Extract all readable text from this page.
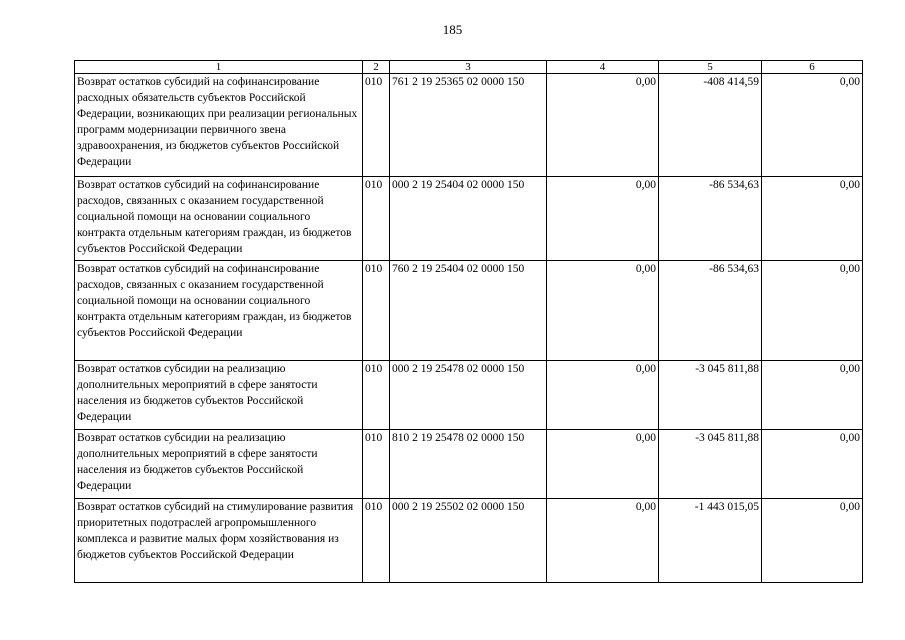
185
1	2	3	4	5	6
Возврат остатков субсидий на софинансирование расходных обязательств субъектов Российской Федерации, возникающих при реализации региональных программ модернизации первичного звена здравоохранения, из бюджетов субъектов Российской Федерации	010	761 2 19 25365 02 0000 150	0,00	-408 414,59	0,00
Возврат остатков субсидий на софинансирование расходов, связанных с оказанием государственной социальной помощи на основании социального контракта отдельным категориям граждан, из бюджетов субъектов Российской Федерации	010	000 2 19 25404 02 0000 150	0,00	-86 534,63	0,00
Возврат остатков субсидий на софинансирование расходов, связанных с оказанием государственной социальной помощи на основании социального контракта отдельным категориям граждан, из бюджетов субъектов Российской Федерации	010	760 2 19 25404 02 0000 150	0,00	-86 534,63	0,00
Возврат остатков субсидии на реализацию дополнительных мероприятий в сфере занятости населения из бюджетов субъектов Российской Федерации	010	000 2 19 25478 02 0000 150	0,00	-3 045 811,88	0,00
Возврат остатков субсидии на реализацию дополнительных мероприятий в сфере занятости населения из бюджетов субъектов Российской Федерации	010	810 2 19 25478 02 0000 150	0,00	-3 045 811,88	0,00
Возврат остатков субсидий на стимулирование развития приоритетных подотраслей агропромышленного комплекса и развитие малых форм хозяйствования из бюджетов субъектов Российской Федерации	010	000 2 19 25502 02 0000 150	0,00	-1 443 015,05	0,00
